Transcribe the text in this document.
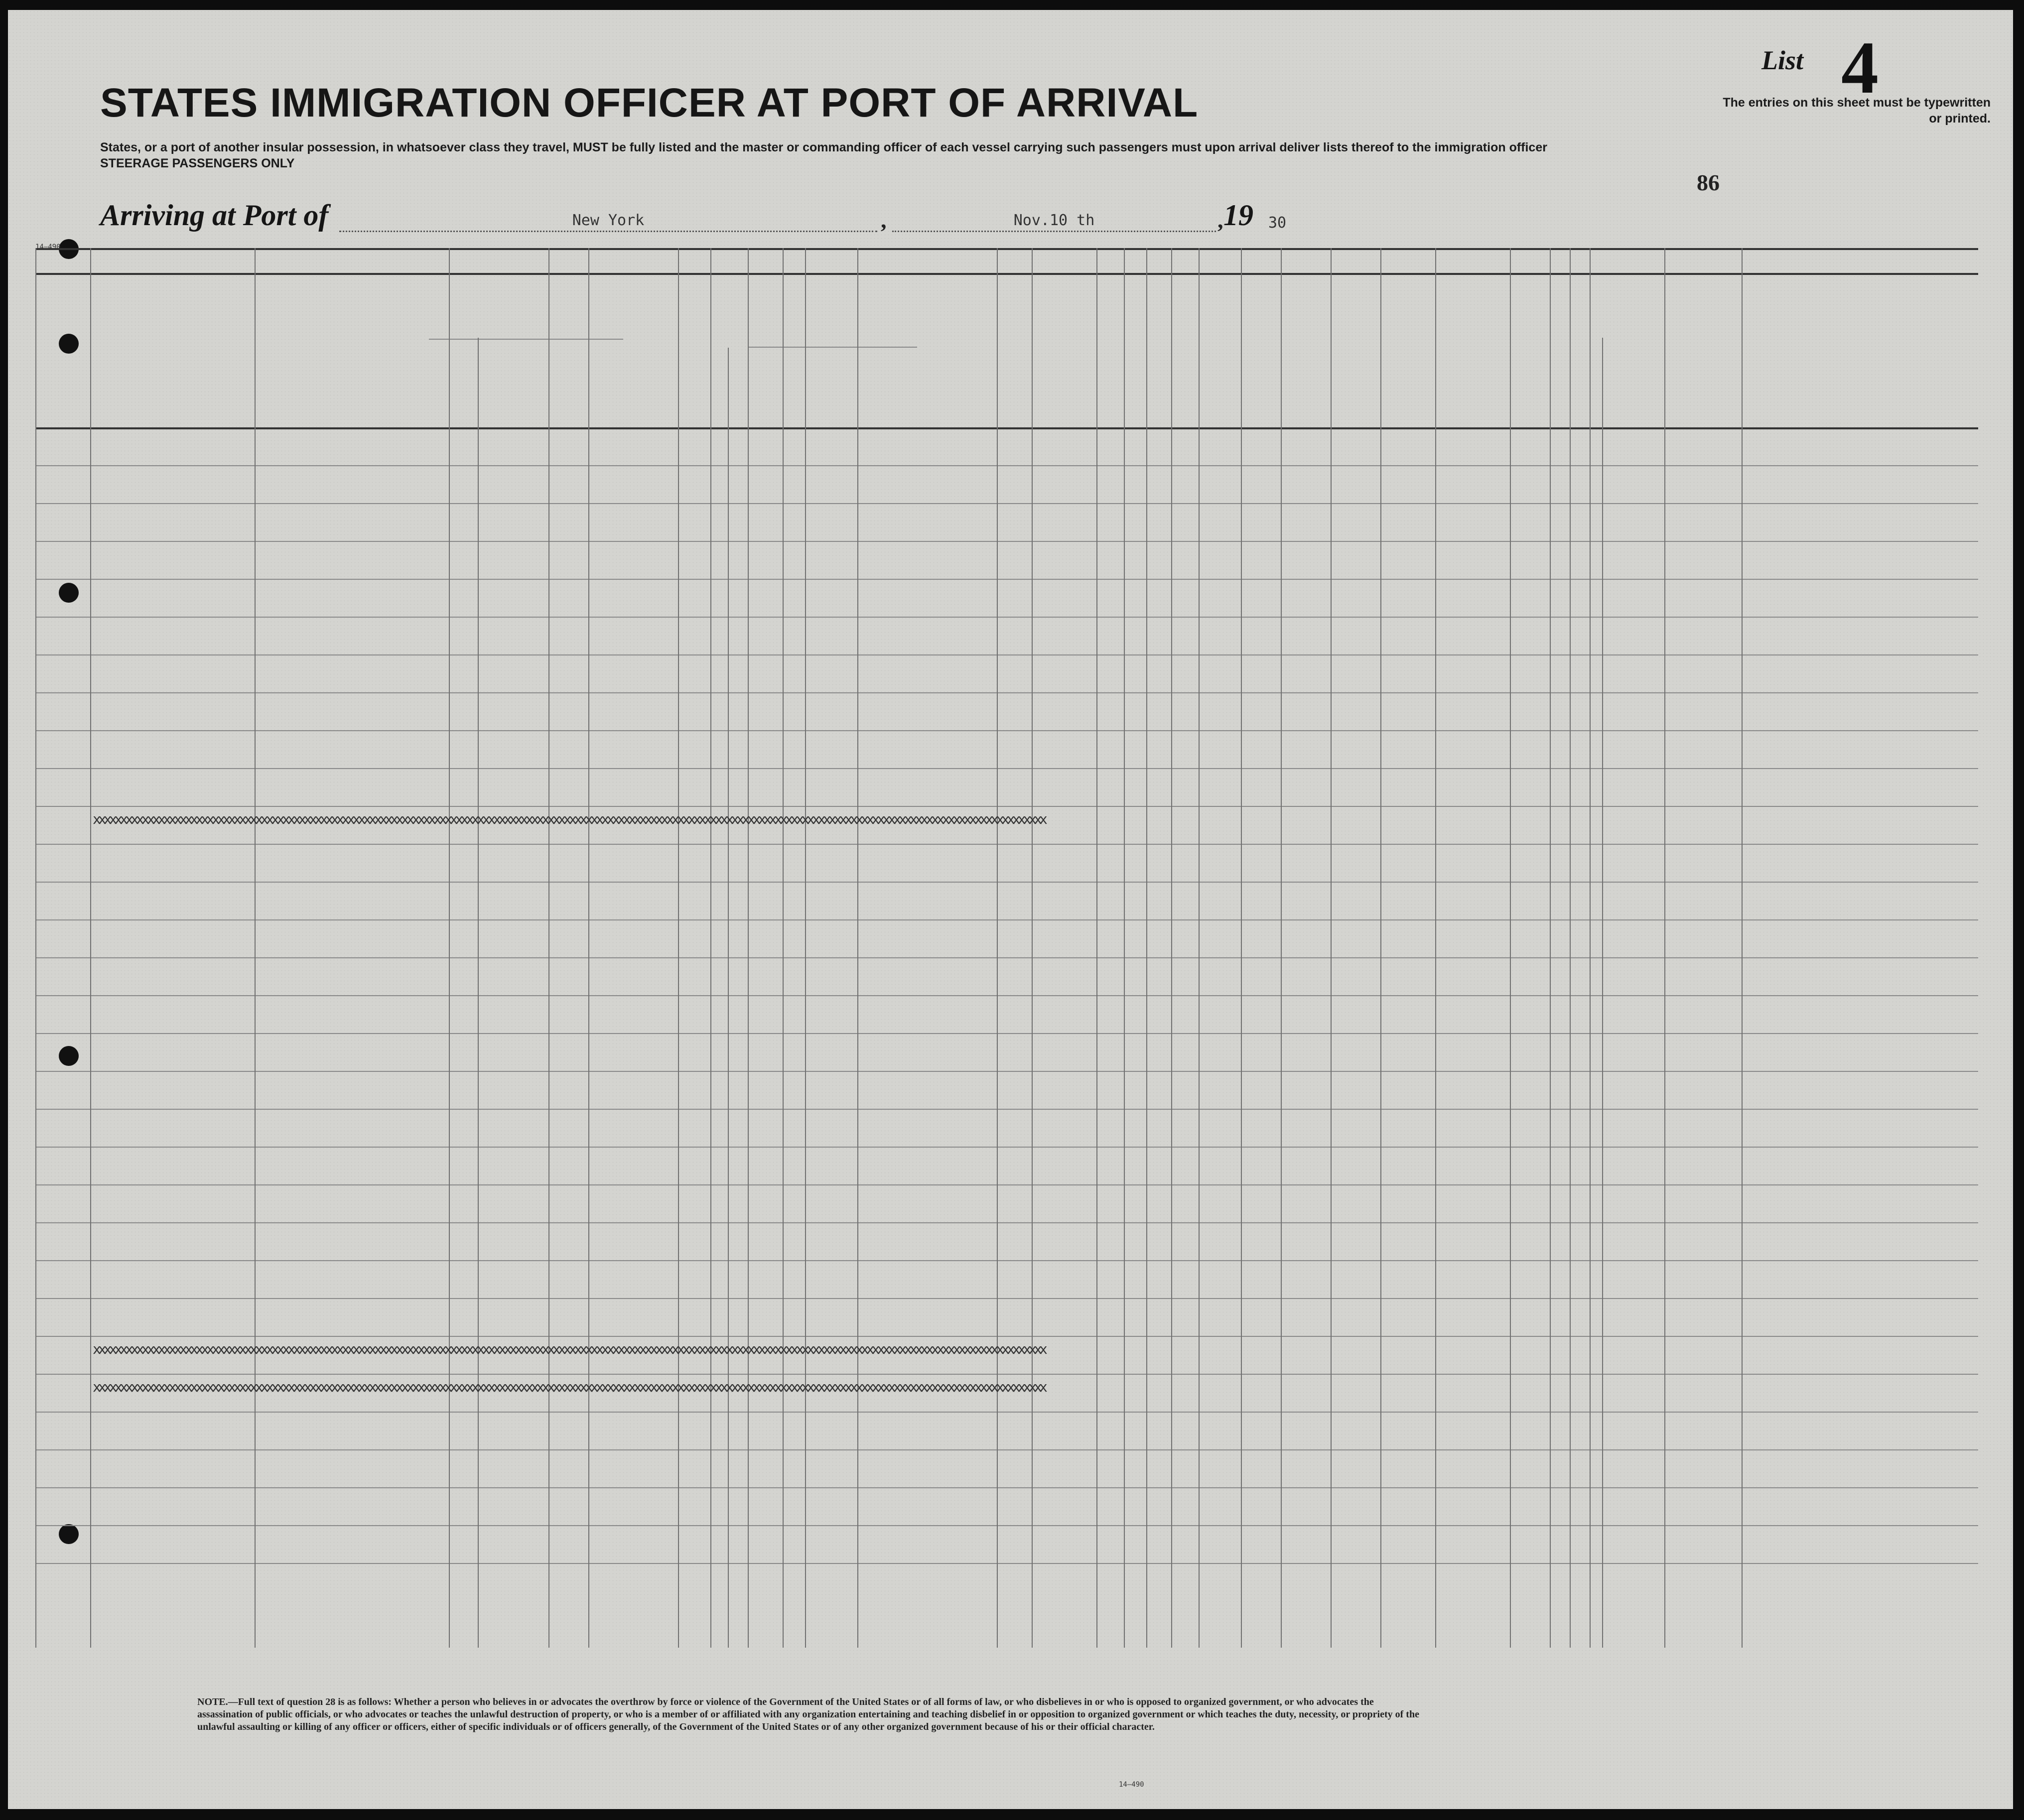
STATES IMMIGRATION OFFICER AT PORT OF ARRIVAL
States, or a port of another insular possession, in whatsoever class they travel, MUST be fully listed and the master or commanding officer of each vessel carrying such passengers must upon arrival deliver lists thereof to the immigration officer
STEERAGE PASSENGERS ONLY
List 4
The entries on this sheet must be typewritten or printed.
86
Arriving at Port of	New York	,	Nov.10 th	, 19 30
xxxxxxxxxxxxxxxxxxxxxxxxxxxxxxxxxxxxxxxxxxxxxxxxxxxxxxxxxxxxxxxxxxxxxxxxxxxxxxxxxxxxxxxxxxxxxxxxxxxxxxxxxxxxxxxxxxxxxxxxxxxxxxxxxxxxxxxxxxxxxxxxxxxxxxxxxxxxxxxxxxxxxxxxxxxxxxxx
xxxxxxxxxxxxxxxxxxxxxxxxxxxxxxxxxxxxxxxxxxxxxxxxxxxxxxxxxxxxxxxxxxxxxxxxxxxxxxxxxxxxxxxxxxxxxxxxxxxxxxxxxxxxxxxxxxxxxxxxxxxxxxxxxxxxxxxxxxxxxxxxxxxxxxxxxxxxxxxxxxxxxxxxxxxxxxxx
xxxxxxxxxxxxxxxxxxxxxxxxxxxxxxxxxxxxxxxxxxxxxxxxxxxxxxxxxxxxxxxxxxxxxxxxxxxxxxxxxxxxxxxxxxxxxxxxxxxxxxxxxxxxxxxxxxxxxxxxxxxxxxxxxxxxxxxxxxxxxxxxxxxxxxxxxxxxxxxxxxxxxxxxxxxxxxxx
NOTE.—Full text of question 28 is as follows: Whether a person who believes in or advocates the overthrow by force or violence of the Government of the United States or of all forms of law, or who disbelieves in or who is opposed to organized government, or who advocates the assassination of public officials, or who advocates or teaches the unlawful destruction of property, or who is a member of or affiliated with any organization entertaining and teaching disbelief in or opposition to organized government or which teaches the duty, necessity, or propriety of the unlawful assaulting or killing of any officer or officers, either of specific individuals or of officers generally, of the Government of the United States or of any other organized government because of his or their official character.
14—490
14—490
